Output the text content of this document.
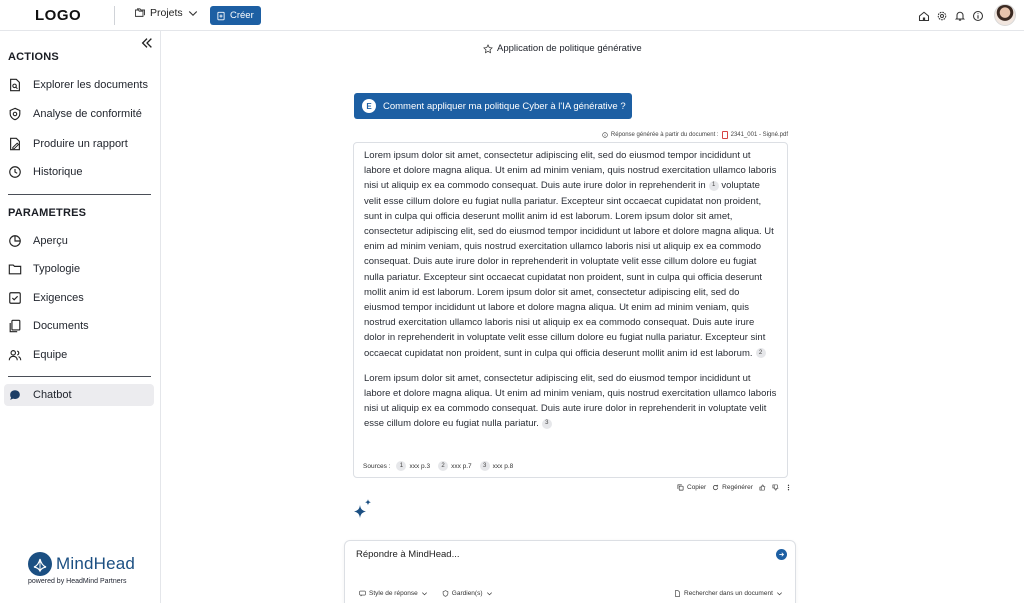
LOGO	Projets	Créer
ACTIONS
Explorer les documents
Analyse de conformité
Produire un rapport
Historique
PARAMETRES
Aperçu
Typologie
Exigences
Documents
Equipe
Chatbot
MindHead
powered by HeadMind Partners
Application de politique générative
E	Comment appliquer ma politique Cyber à l'IA générative ?
Réponse générée à partir du document : 2341_001 - Signé.pdf

Lorem ipsum dolor sit amet, consectetur adipiscing elit, sed do eiusmod tempor incididunt ut labore et dolore magna aliqua. Ut enim ad minim veniam, quis nostrud exercitation ullamco laboris nisi ut aliquip ex ea commodo consequat. Duis aute irure dolor in reprehenderit in 1 voluptate velit esse cillum dolore eu fugiat nulla pariatur. Excepteur sint occaecat cupidatat non proident, sunt in culpa qui officia deserunt mollit anim id est laborum. Lorem ipsum dolor sit amet, consectetur adipiscing elit, sed do eiusmod tempor incididunt ut labore et dolore magna aliqua. Ut enim ad minim veniam, quis nostrud exercitation ullamco laboris nisi ut aliquip ex ea commodo consequat. Duis aute irure dolor in reprehenderit in voluptate velit esse cillum dolore eu fugiat nulla pariatur. Excepteur sint occaecat cupidatat non proident, sunt in culpa qui officia deserunt mollit anim id est laborum. Lorem ipsum dolor sit amet, consectetur adipiscing elit, sed do eiusmod tempor incididunt ut labore et dolore magna aliqua. Ut enim ad minim veniam, quis nostrud exercitation ullamco laboris nisi ut aliquip ex ea commodo consequat. Duis aute irure dolor in reprehenderit in voluptate velit esse cillum dolore eu fugiat nulla pariatur. Excepteur sint occaecat cupidatat non proident, sunt in culpa qui officia deserunt mollit anim id est laborum. 2

Lorem ipsum dolor sit amet, consectetur adipiscing elit, sed do eiusmod tempor incididunt ut labore et dolore magna aliqua. Ut enim ad minim veniam, quis nostrud exercitation ullamco laboris nisi ut aliquip ex ea commodo consequat. Duis aute irure dolor in reprehenderit in voluptate velit esse cillum dolore eu fugiat nulla pariatur. 3

Sources :	1 xxx p.3	2 xxx p.7	3 xxx p.8
Copier Regénérer
Répondre à MindHead...
Style de réponse	Gardien(s)	Rechercher dans un document
